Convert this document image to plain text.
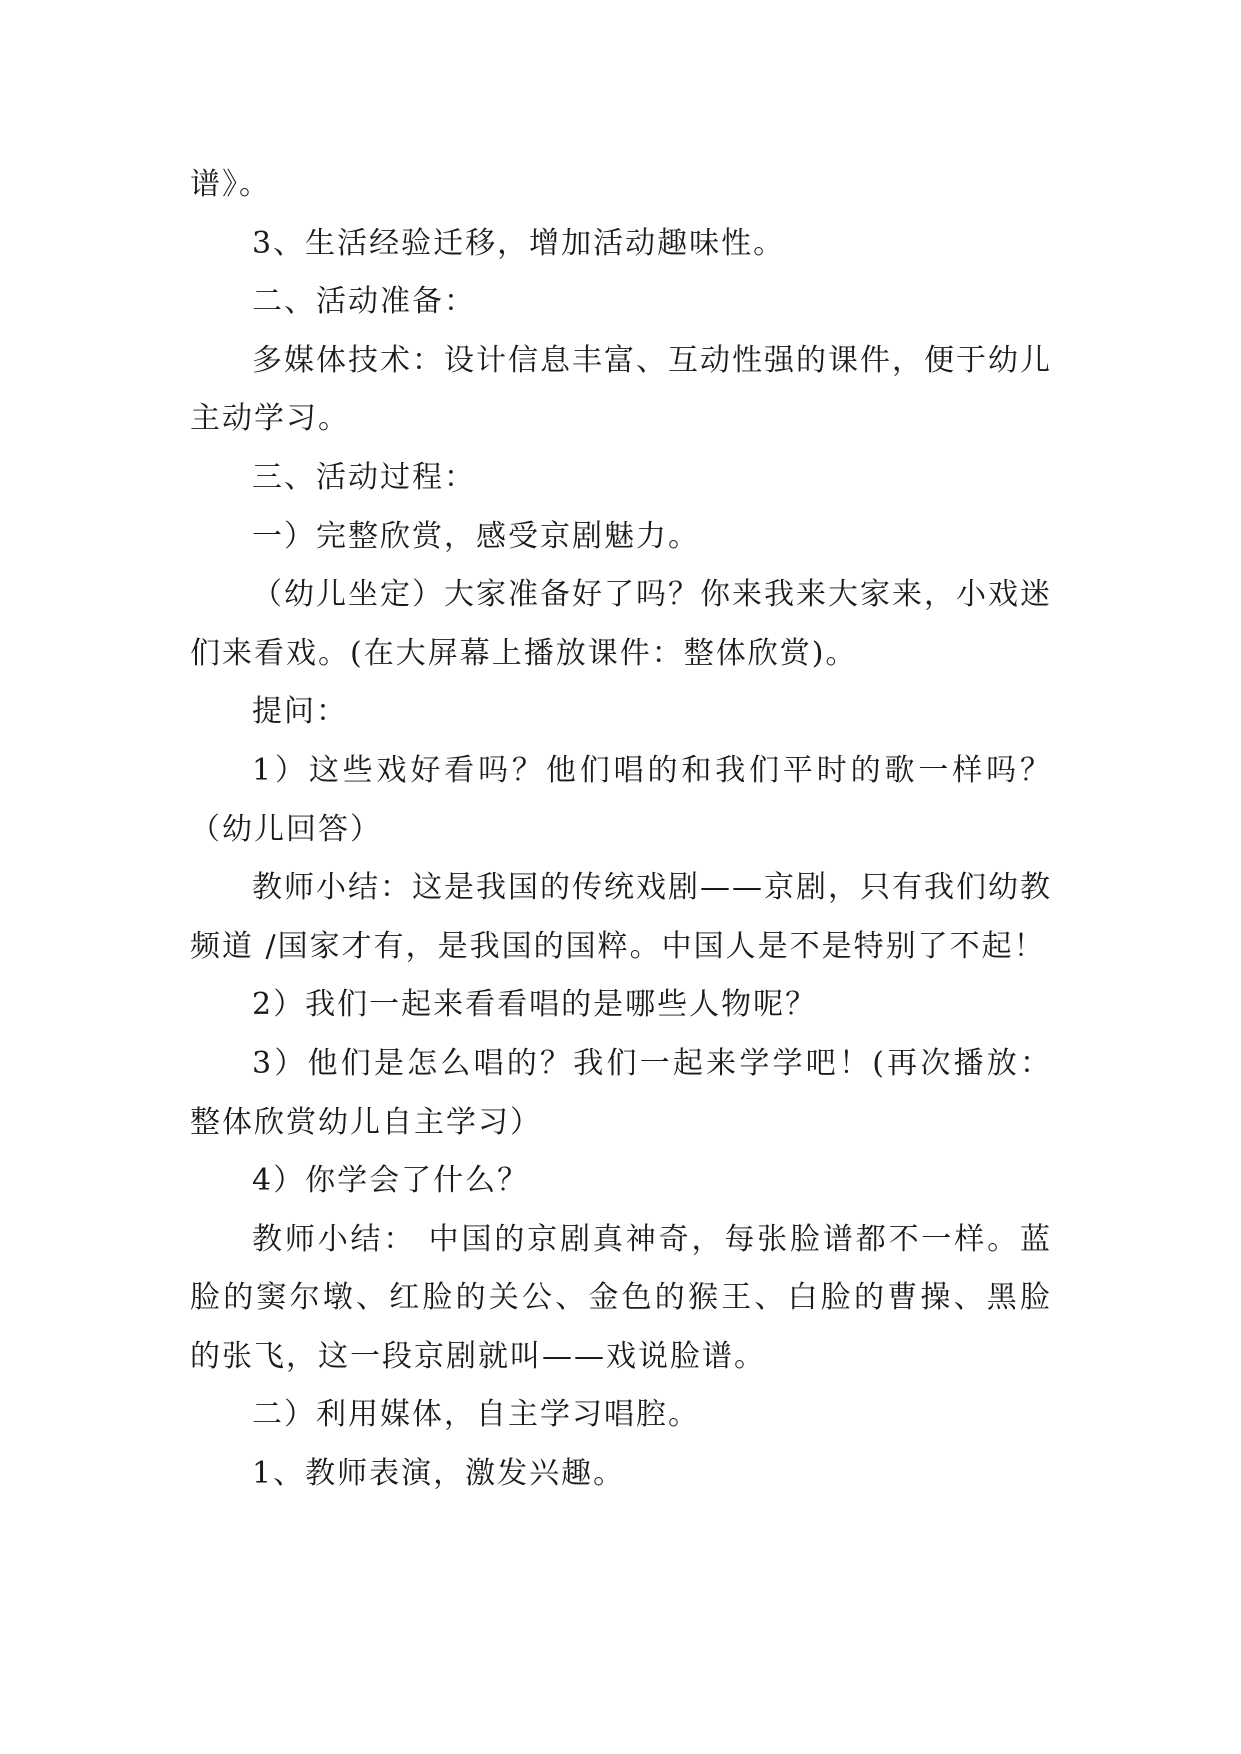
谱》。

3、生活经验迁移，增加活动趣味性。

二、活动准备：

多媒体技术：设计信息丰富、互动性强的课件，便于幼儿主动学习。

三、活动过程：

一）完整欣赏，感受京剧魅力。

（幼儿坐定）大家准备好了吗？你来我来大家来，小戏迷们来看戏。(在大屏幕上播放课件：整体欣赏)。

提问：

1）这些戏好看吗？他们唱的和我们平时的歌一样吗？（幼儿回答）

教师小结：这是我国的传统戏剧——京剧，只有我们幼教频道 /国家才有，是我国的国粹。中国人是不是特别了不起！

2）我们一起来看看唱的是哪些人物呢？

3）他们是怎么唱的？我们一起来学学吧！(再次播放：整体欣赏幼儿自主学习）

4）你学会了什么？

教师小结： 中国的京剧真神奇，每张脸谱都不一样。蓝脸的窦尔墩、红脸的关公、金色的猴王、白脸的曹操、黑脸的张飞，这一段京剧就叫——戏说脸谱。

二）利用媒体，自主学习唱腔。

1、教师表演，激发兴趣。
